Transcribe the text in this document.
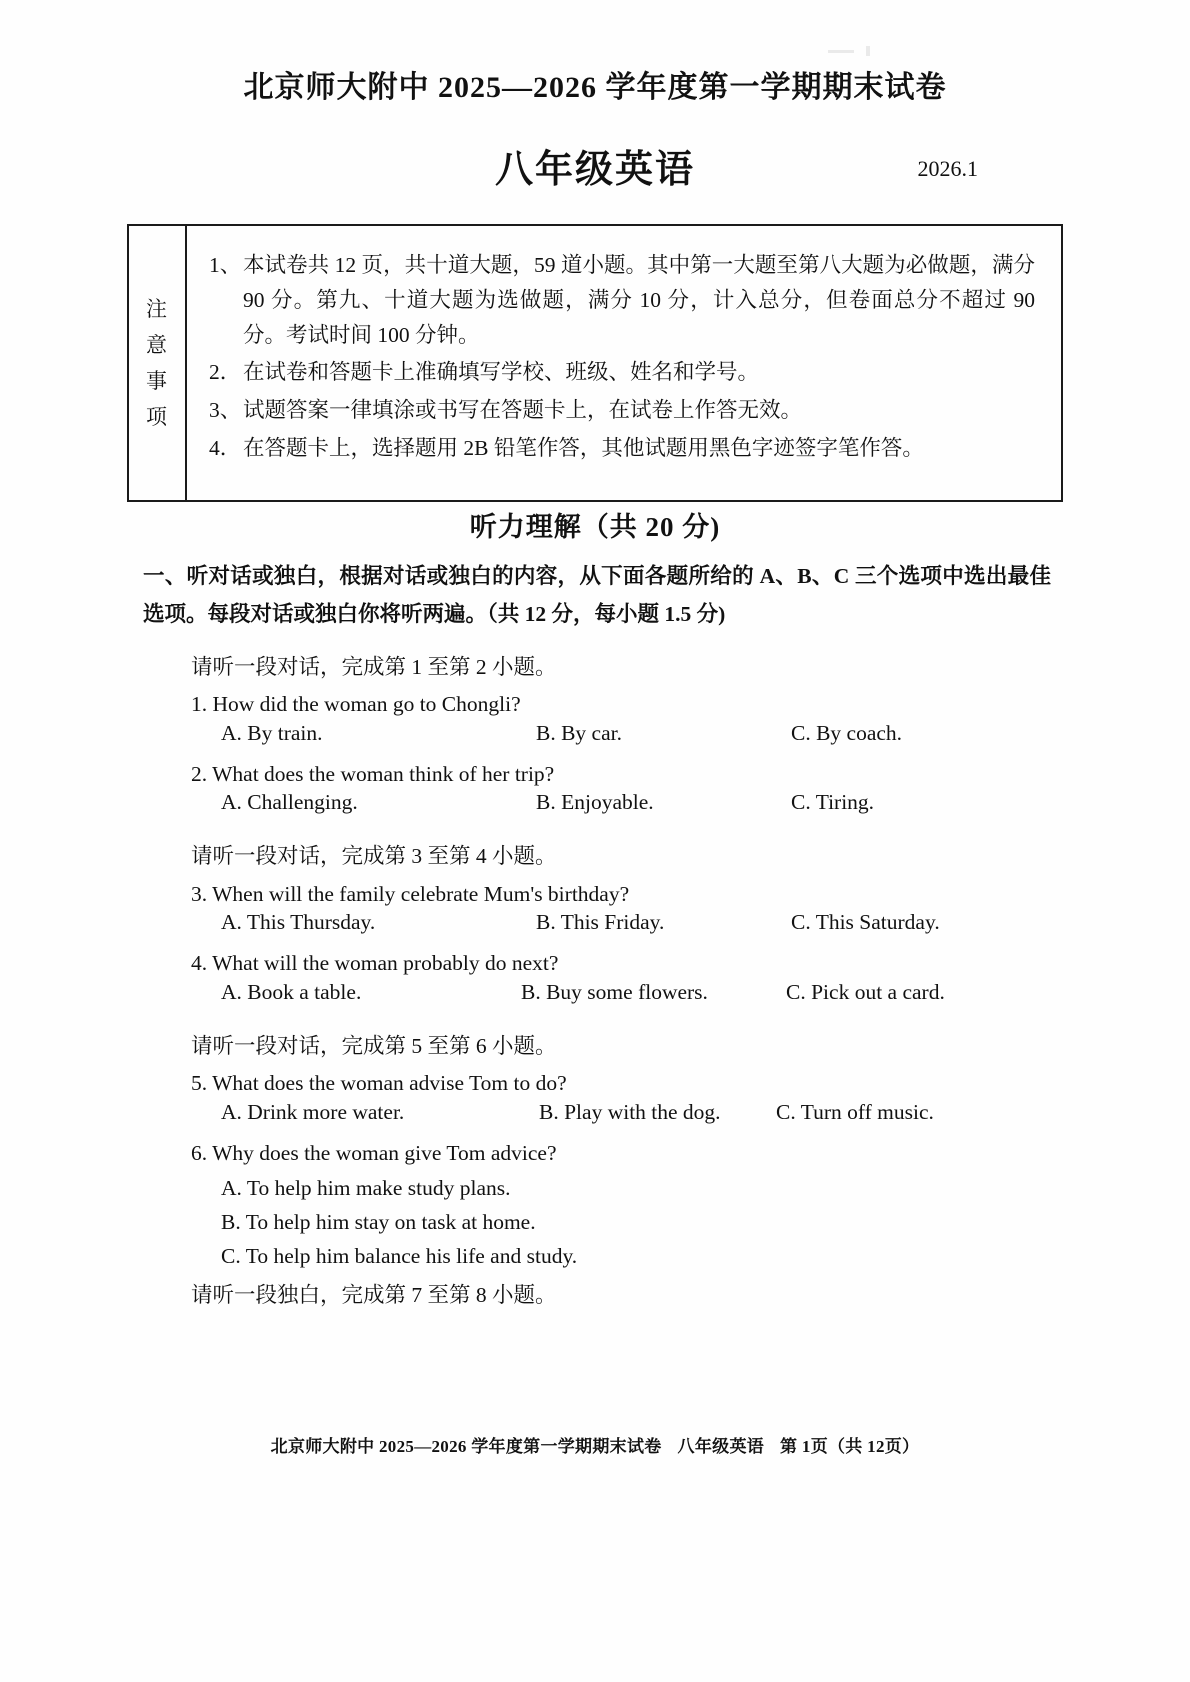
北京师大附中 2025—2026 学年度第一学期期末试卷
八年级英语	2026.1
注
意
事
项
1、 本试卷共 12 页，共十道大题，59 道小题。其中第一大题至第八大题为必做题，满分 90 分。第九、十道大题为选做题，满分 10 分，计入总分，但卷面总分不超过 90 分。考试时间 100 分钟。
2． 在试卷和答题卡上准确填写学校、班级、姓名和学号。
3、 试题答案一律填涂或书写在答题卡上，在试卷上作答无效。
4． 在答题卡上，选择题用 2B 铅笔作答，其他试题用黑色字迹签字笔作答。
听力理解（共 20 分)

一、听对话或独白，根据对话或独白的内容，从下面各题所给的 A、B、C 三个选项中选出最佳选项。每段对话或独白你将听两遍。（共 12 分，每小题 1.5 分)

请听一段对话，完成第 1 至第 2 小题。
1. How did the woman go to Chongli?
A. By train.	B. By car.	C. By coach.
2. What does the woman think of her trip?
A. Challenging.	B. Enjoyable.	C. Tiring.
请听一段对话，完成第 3 至第 4 小题。
3. When will the family celebrate Mum's birthday?
A. This Thursday.	B. This Friday.	C. This Saturday.
4. What will the woman probably do next?
A. Book a table.	B. Buy some flowers.	C. Pick out a card.
请听一段对话，完成第 5 至第 6 小题。
5. What does the woman advise Tom to do?
A. Drink more water.	B. Play with the dog.	C. Turn off music.
6. Why does the woman give Tom advice?
A. To help him make study plans.
B. To help him stay on task at home.
C. To help him balance his life and study.
请听一段独白，完成第 7 至第 8 小题。
北京师大附中 2025—2026 学年度第一学期期末试卷 八年级英语 第 1页（共 12页）
